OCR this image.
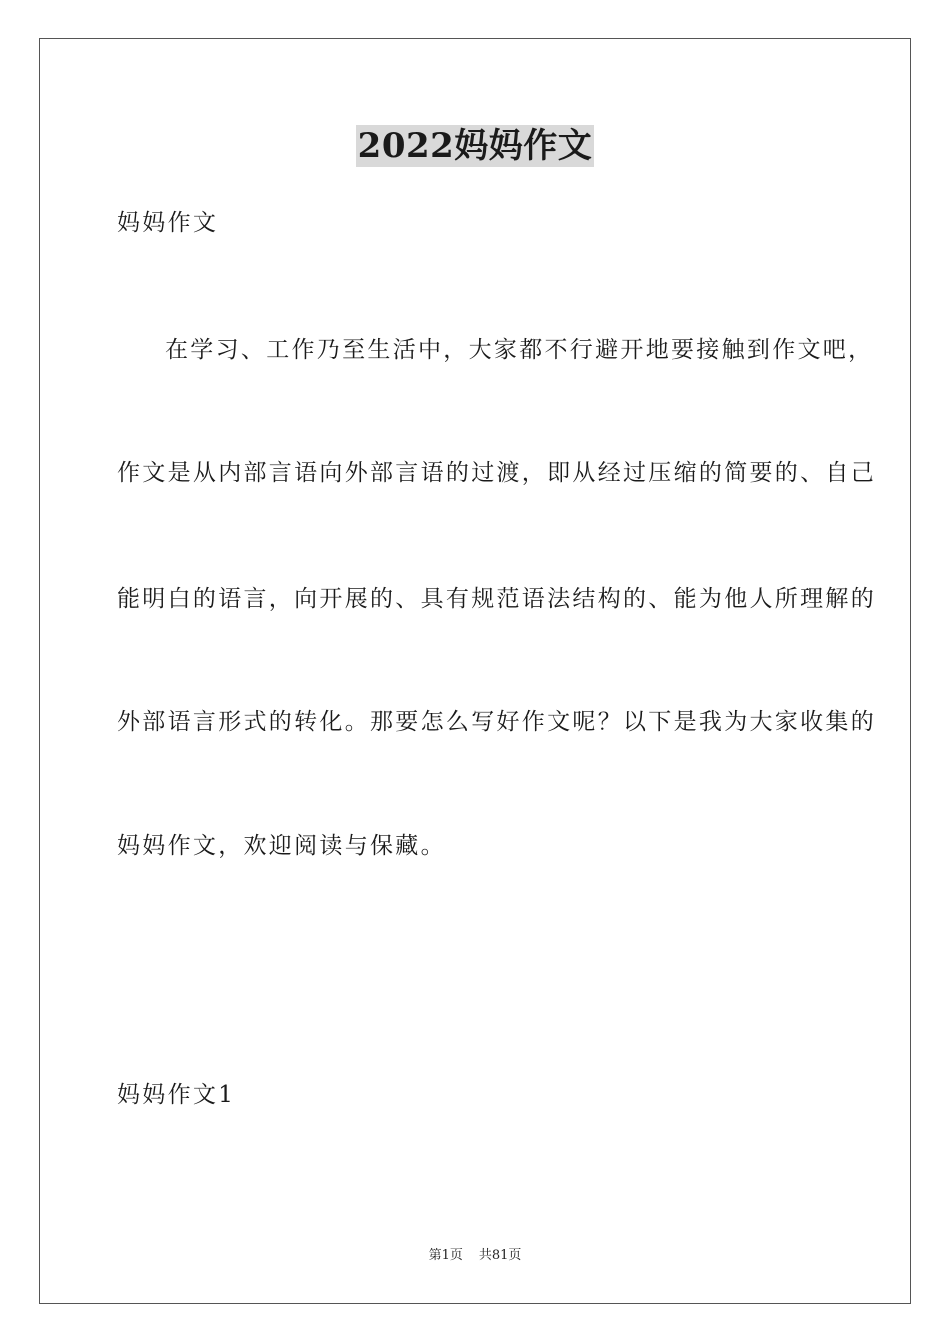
2022妈妈作文
妈妈作文
在学习、工作乃至生活中，大家都不行避开地要接触到作文吧，
作文是从内部言语向外部言语的过渡，即从经过压缩的简要的、自己
能明白的语言，向开展的、具有规范语法结构的、能为他人所理解的
外部语言形式的转化。那要怎么写好作文呢？以下是我为大家收集的
妈妈作文，欢迎阅读与保藏。
妈妈作文1
第1页 共81页
